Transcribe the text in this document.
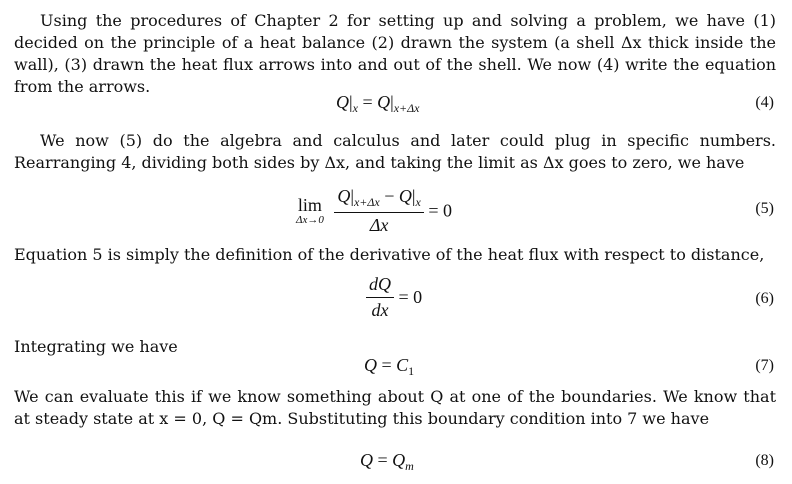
Using the procedures of Chapter 2 for setting up and solving a problem, we have (1) decided on the principle of a heat balance (2) drawn the system (a shell Δx thick inside the wall), (3) drawn the heat flux arrows into and out of the shell. We now (4) write the equation from the arrows.

$Q|_x = Q|_{x+\Delta x}$	(4)

We now (5) do the algebra and calculus and later could plug in specific numbers. Rearranging 4, dividing both sides by Δx, and taking the limit as Δx goes to zero, we have

lim
Δx→0
$\frac{Q|_{x+\Delta x} - Q|_x}{\Delta x} = 0$	(5)

Equation 5 is simply the definition of the derivative of the heat flux with respect to distance,

$\frac{dQ}{dx} = 0$	(6)

Integrating we have

$Q = C_1$	(7)

We can evaluate this if we know something about Q at one of the boundaries. We know that at steady state at x = 0, Q = Qm. Substituting this boundary condition into 7 we have

$Q = Q_m$	(8)
